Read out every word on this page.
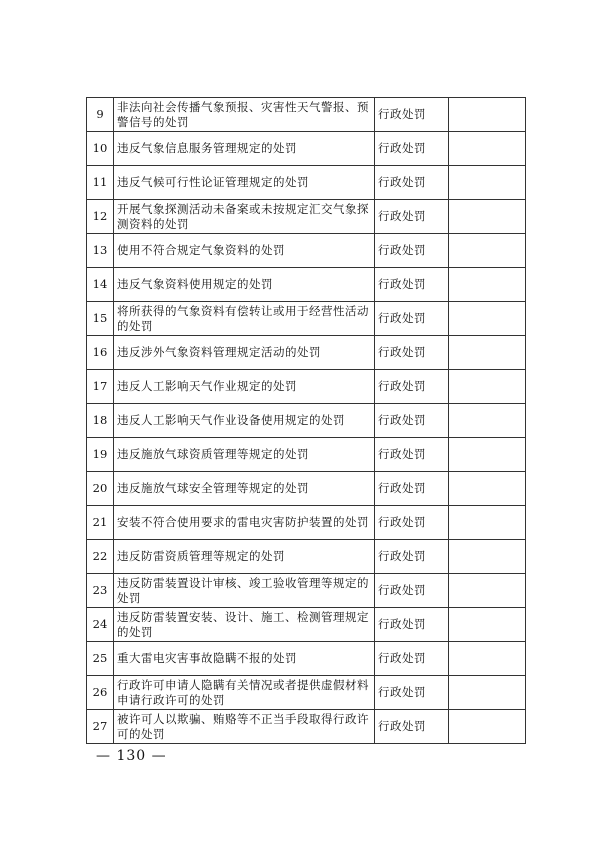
9	非法向社会传播气象预报、灾害性天气警报、预警信号的处罚	行政处罚	
10	违反气象信息服务管理规定的处罚	行政处罚	
11	违反气候可行性论证管理规定的处罚	行政处罚	
12	开展气象探测活动未备案或未按规定汇交气象探测资料的处罚	行政处罚	
13	使用不符合规定气象资料的处罚	行政处罚	
14	违反气象资料使用规定的处罚	行政处罚	
15	将所获得的气象资料有偿转让或用于经营性活动的处罚	行政处罚	
16	违反涉外气象资料管理规定活动的处罚	行政处罚	
17	违反人工影响天气作业规定的处罚	行政处罚	
18	违反人工影响天气作业设备使用规定的处罚	行政处罚	
19	违反施放气球资质管理等规定的处罚	行政处罚	
20	违反施放气球安全管理等规定的处罚	行政处罚	
21	安装不符合使用要求的雷电灾害防护装置的处罚	行政处罚	
22	违反防雷资质管理等规定的处罚	行政处罚	
23	违反防雷装置设计审核、竣工验收管理等规定的处罚	行政处罚	
24	违反防雷装置安装、设计、施工、检测管理规定的处罚	行政处罚	
25	重大雷电灾害事故隐瞒不报的处罚	行政处罚	
26	行政许可申请人隐瞒有关情况或者提供虚假材料申请行政许可的处罚	行政处罚	
27	被许可人以欺骗、贿赂等不正当手段取得行政许可的处罚	行政处罚	
— 130 —
